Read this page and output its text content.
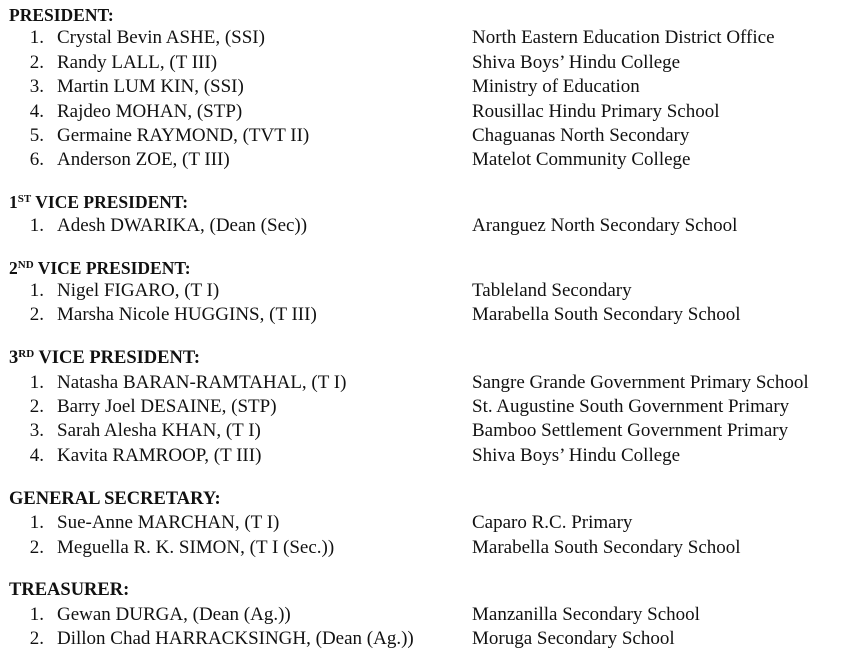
PRESIDENT:
1. Crystal Bevin ASHE, (SSI)	North Eastern Education District Office
2. Randy LALL, (T III)	Shiva Boys’ Hindu College
3. Martin LUM KIN, (SSI)	Ministry of Education
4. Rajdeo MOHAN, (STP)	Rousillac Hindu Primary School
5. Germaine RAYMOND, (TVT II)	Chaguanas North Secondary
6. Anderson ZOE, (T III)	Matelot Community College
1ST VICE PRESIDENT:
1. Adesh DWARIKA, (Dean (Sec))	Aranguez North Secondary School
2ND VICE PRESIDENT:
1. Nigel FIGARO, (T I)	Tableland Secondary
2. Marsha Nicole HUGGINS, (T III)	Marabella South Secondary School
3RD VICE PRESIDENT:
1. Natasha BARAN-RAMTAHAL, (T I)	Sangre Grande Government Primary School
2. Barry Joel DESAINE, (STP)	St. Augustine South Government Primary
3. Sarah Alesha KHAN, (T I)	Bamboo Settlement Government Primary
4. Kavita RAMROOP, (T III)	Shiva Boys’ Hindu College
GENERAL SECRETARY:
1. Sue-Anne MARCHAN, (T I)	Caparo R.C. Primary
2. Meguella R. K. SIMON, (T I (Sec.))	Marabella South Secondary School
TREASURER:
1. Gewan DURGA, (Dean (Ag.))	Manzanilla Secondary School
2. Dillon Chad HARRACKSINGH, (Dean (Ag.))	Moruga Secondary School
